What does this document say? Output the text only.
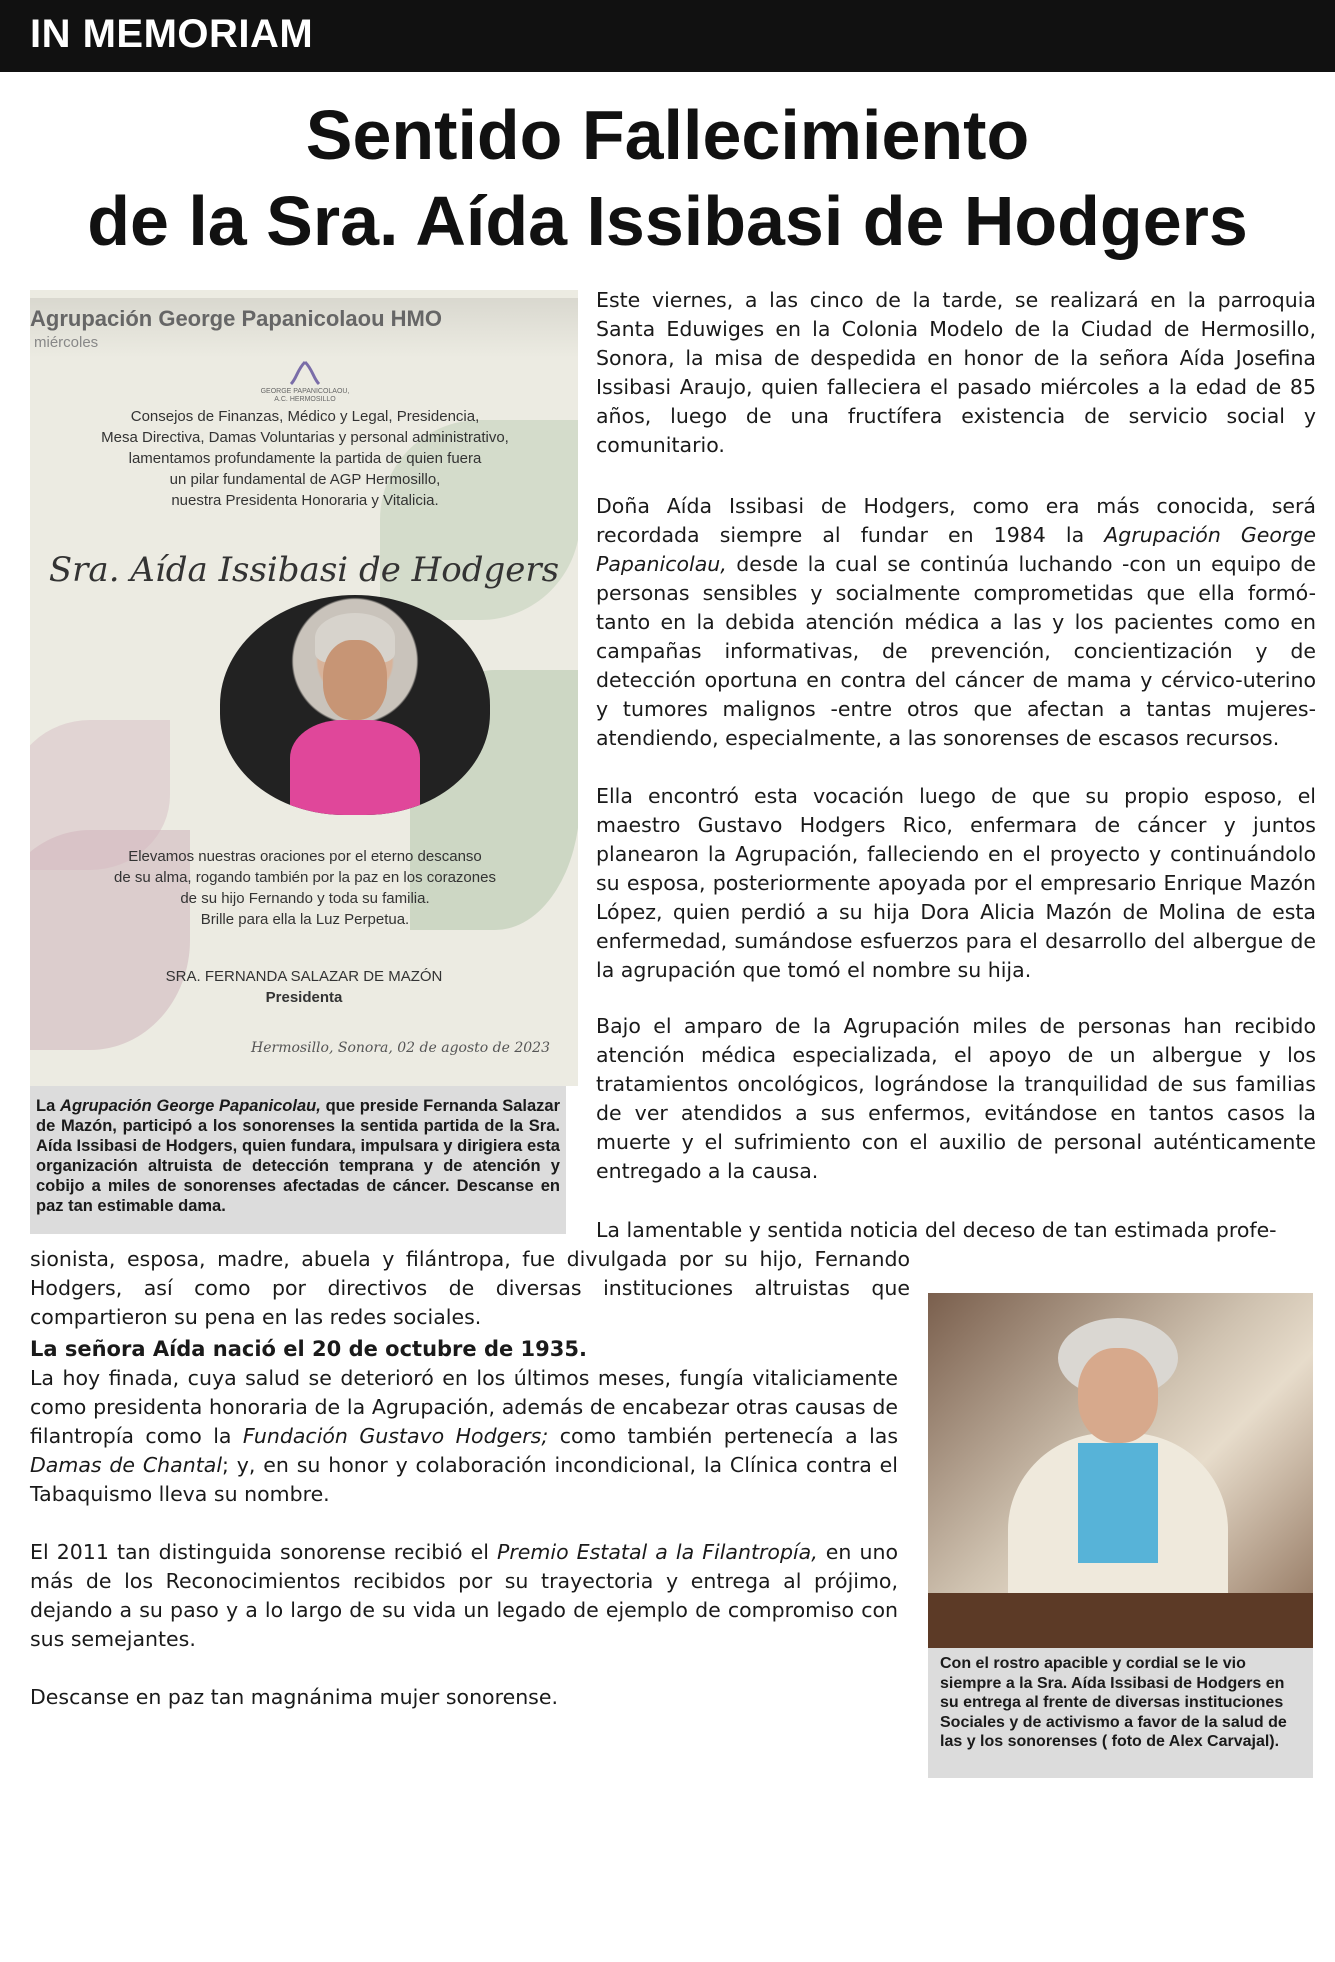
IN MEMORIAM
Sentido Fallecimiento
de la Sra. Aída Issibasi de Hodgers
Agrupación George Papanicolaou HMO
miércoles
GEORGE PAPANICOLAOU, A.C. HERMOSILLO
Consejos de Finanzas, Médico y Legal, Presidencia,
Mesa Directiva, Damas Voluntarias y personal administrativo,
lamentamos profundamente la partida de quien fuera
un pilar fundamental de AGP Hermosillo,
nuestra Presidenta Honoraria y Vitalicia.
Sra. Aída Issibasi de Hodgers
Elevamos nuestras oraciones por el eterno descanso
de su alma, rogando también por la paz en los corazones
de su hijo Fernando y toda su familia.
Brille para ella la Luz Perpetua.
SRA. FERNANDA SALAZAR DE MAZÓN
Presidenta
Hermosillo, Sonora, 02 de agosto de 2023
La Agrupación George Papanicolau, que preside Fernanda Salazar de Mazón, participó a los sonorenses la sentida partida de la Sra. Aída Issibasi de Hodgers, quien fundara, impulsara y dirigiera esta organización altruista de detección temprana y de atención y cobijo a miles de sonorenses afectadas de cáncer. Descanse en paz tan estimable dama.

Este viernes, a las cinco de la tarde, se realizará en la parroquia Santa Eduwiges en la Colonia Modelo de la Ciudad de Hermosillo, Sonora, la misa de despedida en honor de la señora Aída Josefina Issibasi Araujo, quien falleciera el pasado miércoles a la edad de 85 años, luego de una fructífera existencia de servicio social y comunitario.

Doña Aída Issibasi de Hodgers, como era más conocida, será recordada siempre al fundar en 1984 la Agrupación George Papanicolau, desde la cual se continúa luchando -con un equipo de personas sensibles y socialmente comprometidas que ella formó- tanto en la debida atención médica a las y los pacientes como en campañas informativas, de prevención, concientización y de detección oportuna en contra del cáncer de mama y cérvico-uterino y tumores malignos -entre otros que afectan a tantas mujeres- atendiendo, especialmente, a las sonorenses de escasos recursos.

Ella encontró esta vocación luego de que su propio esposo, el maestro Gustavo Hodgers Rico, enfermara de cáncer y juntos planearon la Agrupación, falleciendo en el proyecto y continuándolo su esposa, posteriormente apoyada por el empresario Enrique Mazón López, quien perdió a su hija Dora Alicia Mazón de Molina de esta enfermedad, sumándose esfuerzos para el desarrollo del albergue de la agrupación que tomó el nombre su hija.

Bajo el amparo de la Agrupación miles de personas han recibido atención médica especializada, el apoyo de un albergue y los tratamientos oncológicos, lográndose la tranquilidad de sus familias de ver atendidos a sus enfermos, evitándose en tantos casos la muerte y el sufrimiento con el auxilio de personal auténticamente entregado a la causa.

La lamentable y sentida noticia del deceso de tan estimada profe-

sionista, esposa, madre, abuela y filántropa, fue divulgada por su hijo, Fernando Hodgers, así como por directivos de diversas instituciones altruistas que compartieron su pena en las redes sociales.

Con el rostro apacible y cordial se le vio siempre a la Sra. Aída Issibasi de Hodgers en su entrega al frente de diversas instituciones Sociales y de activismo a favor de la salud de las y los sonorenses ( foto de Alex Carvajal).

La señora Aída nació el 20 de octubre de 1935.

La hoy finada, cuya salud se deterioró en los últimos meses, fungía vitaliciamente como presidenta honoraria de la Agrupación, además de encabezar otras causas de filantropía como la Fundación Gustavo Hodgers; como también pertenecía a las Damas de Chantal; y, en su honor y colaboración incondicional, la Clínica contra el Tabaquismo lleva su nombre.

El 2011 tan distinguida sonorense recibió el Premio Estatal a la Filantropía, en uno más de los Reconocimientos recibidos por su trayectoria y entrega al prójimo, dejando a su paso y a lo largo de su vida un legado de ejemplo de compromiso con sus semejantes.

Descanse en paz tan magnánima mujer sonorense.
